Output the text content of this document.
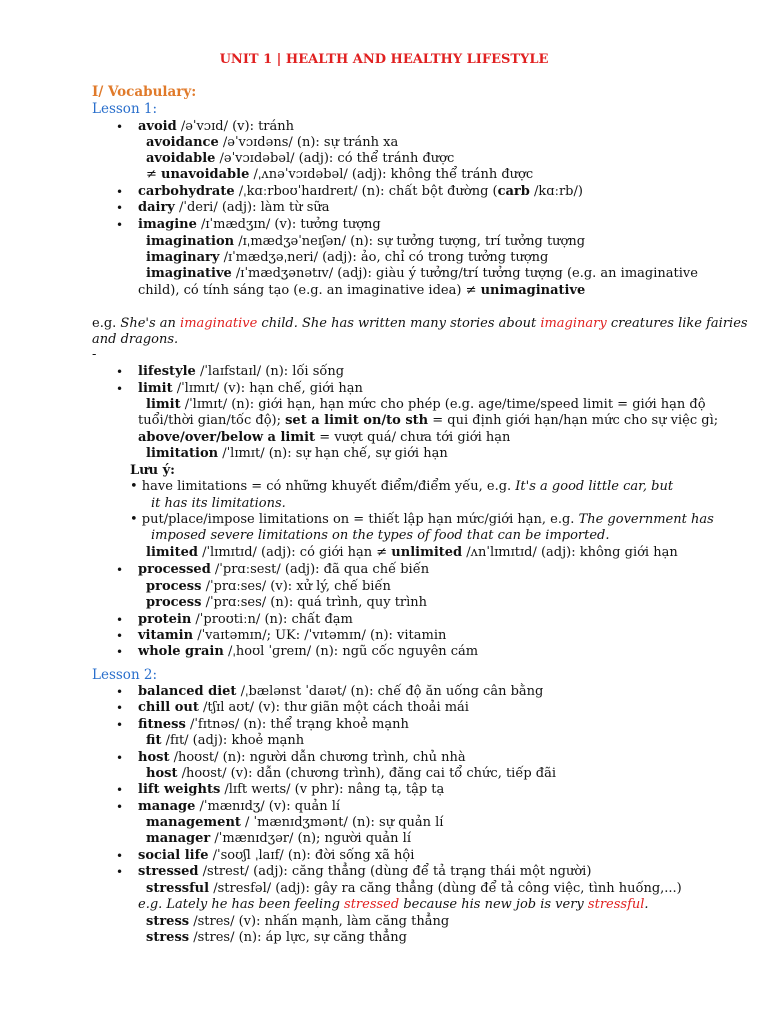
UNIT 1 | HEALTH AND HEALTHY LIFESTYLE
I/ Vocabulary:
Lesson 1:
• avoid /əˈvɔɪd/ (v): tránh
avoidance /əˈvɔɪdəns/ (n): sự tránh xa
avoidable /əˈvɔɪdəbəl/ (adj): có thể tránh được
≠ unavoidable /ˌʌnəˈvɔɪdəbəl/ (adj): không thể tránh được
• carbohydrate /ˌkɑːrboʊˈhaɪdreɪt/ (n): chất bột đường (carb /kɑːrb/)
• dairy /ˈderi/ (adj): làm từ sữa
• imagine /ɪˈmædʒɪn/ (v): tưởng tượng
imagination /ɪˌmædʒəˈneɪʃən/ (n): sự tưởng tượng, trí tưởng tượng
imaginary /ɪˈmædʒəˌneri/ (adj): ảo, chỉ có trong tưởng tượng
imaginative /ɪˈmædʒənətɪv/ (adj): giàu ý tưởng/trí tưởng tượng (e.g. an imaginative
child), có tính sáng tạo (e.g. an imaginative idea) ≠ unimaginative
e.g. She's an imaginative child. She has written many stories about imaginary creatures like fairies
and dragons.
-
• lifestyle /ˈlaɪfstaɪl/ (n): lối sống
• limit /ˈlɪmɪt/ (v): hạn chế, giới hạn
limit /ˈlɪmɪt/ (n): giới hạn, hạn mức cho phép (e.g. age/time/speed limit = giới hạn độ
tuổi/thời gian/tốc độ); set a limit on/to sth = qui định giới hạn/hạn mức cho sự việc gì;
above/over/below a limit = vượt quá/ chưa tới giới hạn
limitation /ˈlɪmɪt/ (n): sự hạn chế, sự giới hạn
Lưu ý:
• have limitations = có những khuyết điểm/điểm yếu, e.g. It's a good little car, but
it has its limitations.
• put/place/impose limitations on = thiết lập hạn mức/giới hạn, e.g. The government has
imposed severe limitations on the types of food that can be imported.
limited /ˈlɪmɪtɪd/ (adj): có giới hạn ≠ unlimited /ʌnˈlɪmɪtɪd/ (adj): không giới hạn
• processed /ˈprɑːsest/ (adj): đã qua chế biến
process /ˈprɑːses/ (v): xử lý, chế biến
process /ˈprɑːses/ (n): quá trình, quy trình
• protein /ˈproʊtiːn/ (n): chất đạm
• vitamin /ˈvaɪtəmɪn/; UK: /ˈvɪtəmɪn/ (n): vitamin
• whole grain /ˌhoʊl ˈɡreɪn/ (n): ngũ cốc nguyên cám
Lesson 2:
• balanced diet /ˌbælənst ˈdaɪət/ (n): chế độ ăn uống cân bằng
• chill out /tʃɪl aʊt/ (v): thư giãn một cách thoải mái
• fitness /ˈfɪtnəs/ (n): thể trạng khoẻ mạnh
fit /fɪt/ (adj): khoẻ mạnh
• host /hoʊst/ (n): người dẫn chương trình, chủ nhà
host /hoʊst/ (v): dẫn (chương trình), đăng cai tổ chức, tiếp đãi
• lift weights /lɪft weɪts/ (v phr): nâng tạ, tập tạ
• manage /ˈmænɪdʒ/ (v): quản lí
management / ˈmænɪdʒmənt/ (n): sự quản lí
manager /ˈmænɪdʒər/ (n); người quản lí
• social life /ˈsoʊʃl ˌlaɪf/ (n): đời sống xã hội
• stressed /strest/ (adj): căng thẳng (dùng để tả trạng thái một người)
stressful /stresfəl/ (adj): gây ra căng thẳng (dùng để tả công việc, tình huống,...)
e.g. Lately he has been feeling stressed because his new job is very stressful.
stress /stres/ (v): nhấn mạnh, làm căng thẳng
stress /stres/ (n): áp lực, sự căng thẳng
